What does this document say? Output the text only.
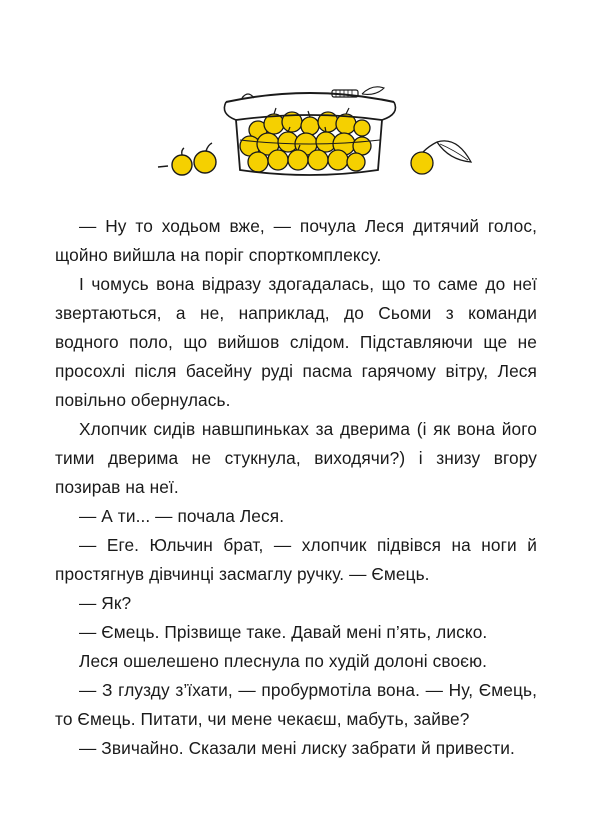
— Ну то ходьом вже, — почула Леся дитячий голос, щойно вийшла на поріг спорткомплексу.

І чомусь вона відразу здогадалась, що то саме до неї звертаються, а не, наприклад, до Сьоми з команди водного поло, що вийшов слідом. Підставляючи ще не просохлі після басейну руді пасма гарячому вітру, Леся повільно обернулась.

Хлопчик сидів навшпиньках за дверима (і як вона його тими дверима не стукнула, виходячи?) і знизу вгору позирав на неї.

— А ти... — почала Леся.

— Еге. Юльчин брат, — хлопчик підвівся на ноги й простягнув дівчинці засмаглу ручку. — Ємець.

— Як?

— Ємець. Прізвище таке. Давай мені п’ять, лиско.

Леся ошелешено плеснула по худій долоні своєю.

— З глузду з’їхати, — пробурмотіла вона. — Ну, Ємець, то Ємець. Питати, чи мене чекаєш, мабуть, зайве?

— Звичайно. Сказали мені лиску забрати й привести.
